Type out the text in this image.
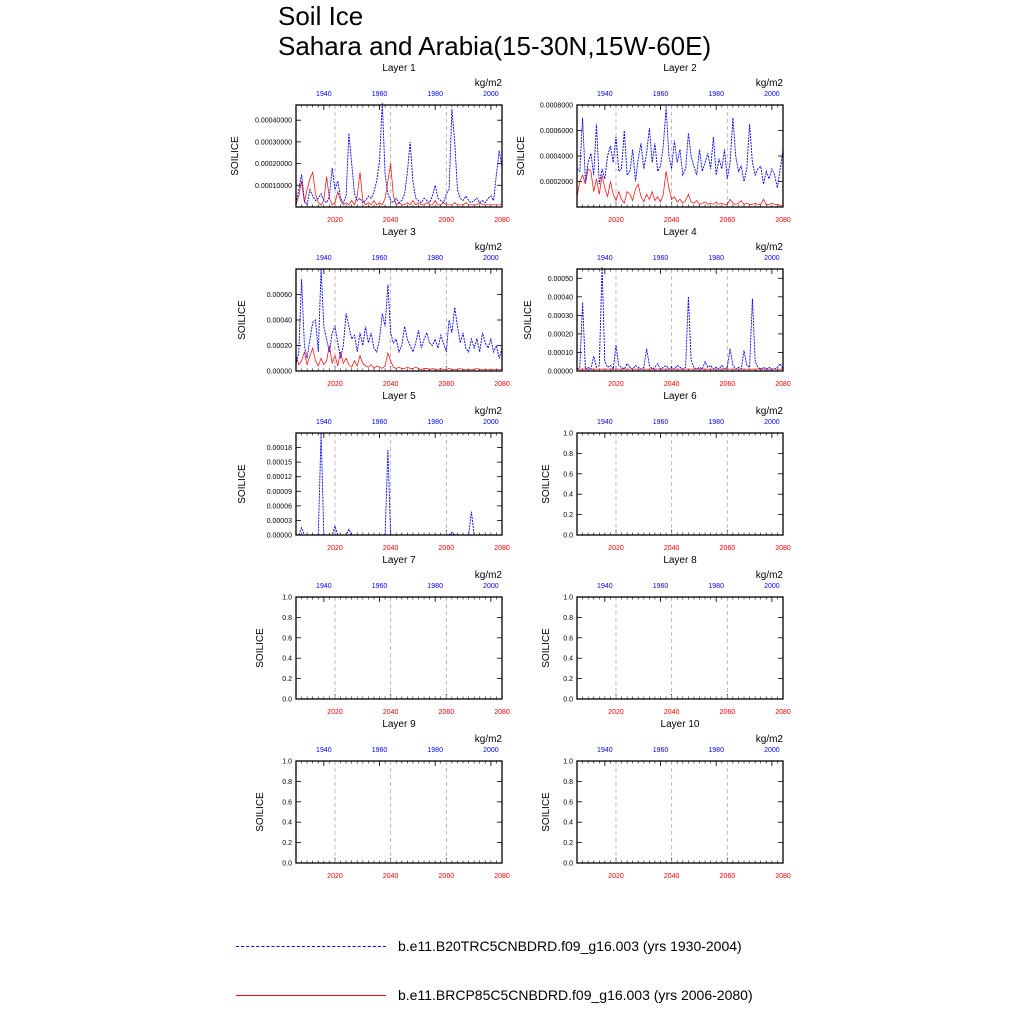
Soil Ice
Sahara and Arabia(15-30N,15W-60E)
Layer 1
kg/m2
1940	1960	1980	2000
2020	2040	2060	2080
0.00010000
0.00020000
0.00030000
0.00040000
SOILICE
Layer 2
kg/m2
1940	1960	1980	2000
2020	2040	2060	2080
0.0002000
0.0004000
0.0006000
0.0008000
SOILICE
Layer 3
kg/m2
1940	1960	1980	2000
2020	2040	2060	2080
0.00000
0.00020
0.00040
0.00060
SOILICE
Layer 4
kg/m2
1940	1960	1980	2000
2020	2040	2060	2080
0.00000
0.00010
0.00020
0.00030
0.00040
0.00050
SOILICE
Layer 5
kg/m2
1940	1960	1980	2000
2020	2040	2060	2080
0.00000
0.00003
0.00006
0.00009
0.00012
0.00015
0.00018
SOILICE
Layer 6
kg/m2
1940	1960	1980	2000
2020	2040	2060	2080
0.0
0.2
0.4
0.6
0.8
1.0
SOILICE
Layer 7
kg/m2
1940	1960	1980	2000
2020	2040	2060	2080
0.0
0.2
0.4
0.6
0.8
1.0
SOILICE
Layer 8
kg/m2
1940	1960	1980	2000
2020	2040	2060	2080
0.0
0.2
0.4
0.6
0.8
1.0
SOILICE
Layer 9
kg/m2
1940	1960	1980	2000
2020	2040	2060	2080
0.0
0.2
0.4
0.6
0.8
1.0
SOILICE
Layer 10
kg/m2
1940	1960	1980	2000
2020	2040	2060	2080
0.0
0.2
0.4
0.6
0.8
1.0
SOILICE
b.e11.B20TRC5CNBDRD.f09_g16.003 (yrs 1930-2004)
b.e11.BRCP85C5CNBDRD.f09_g16.003 (yrs 2006-2080)
